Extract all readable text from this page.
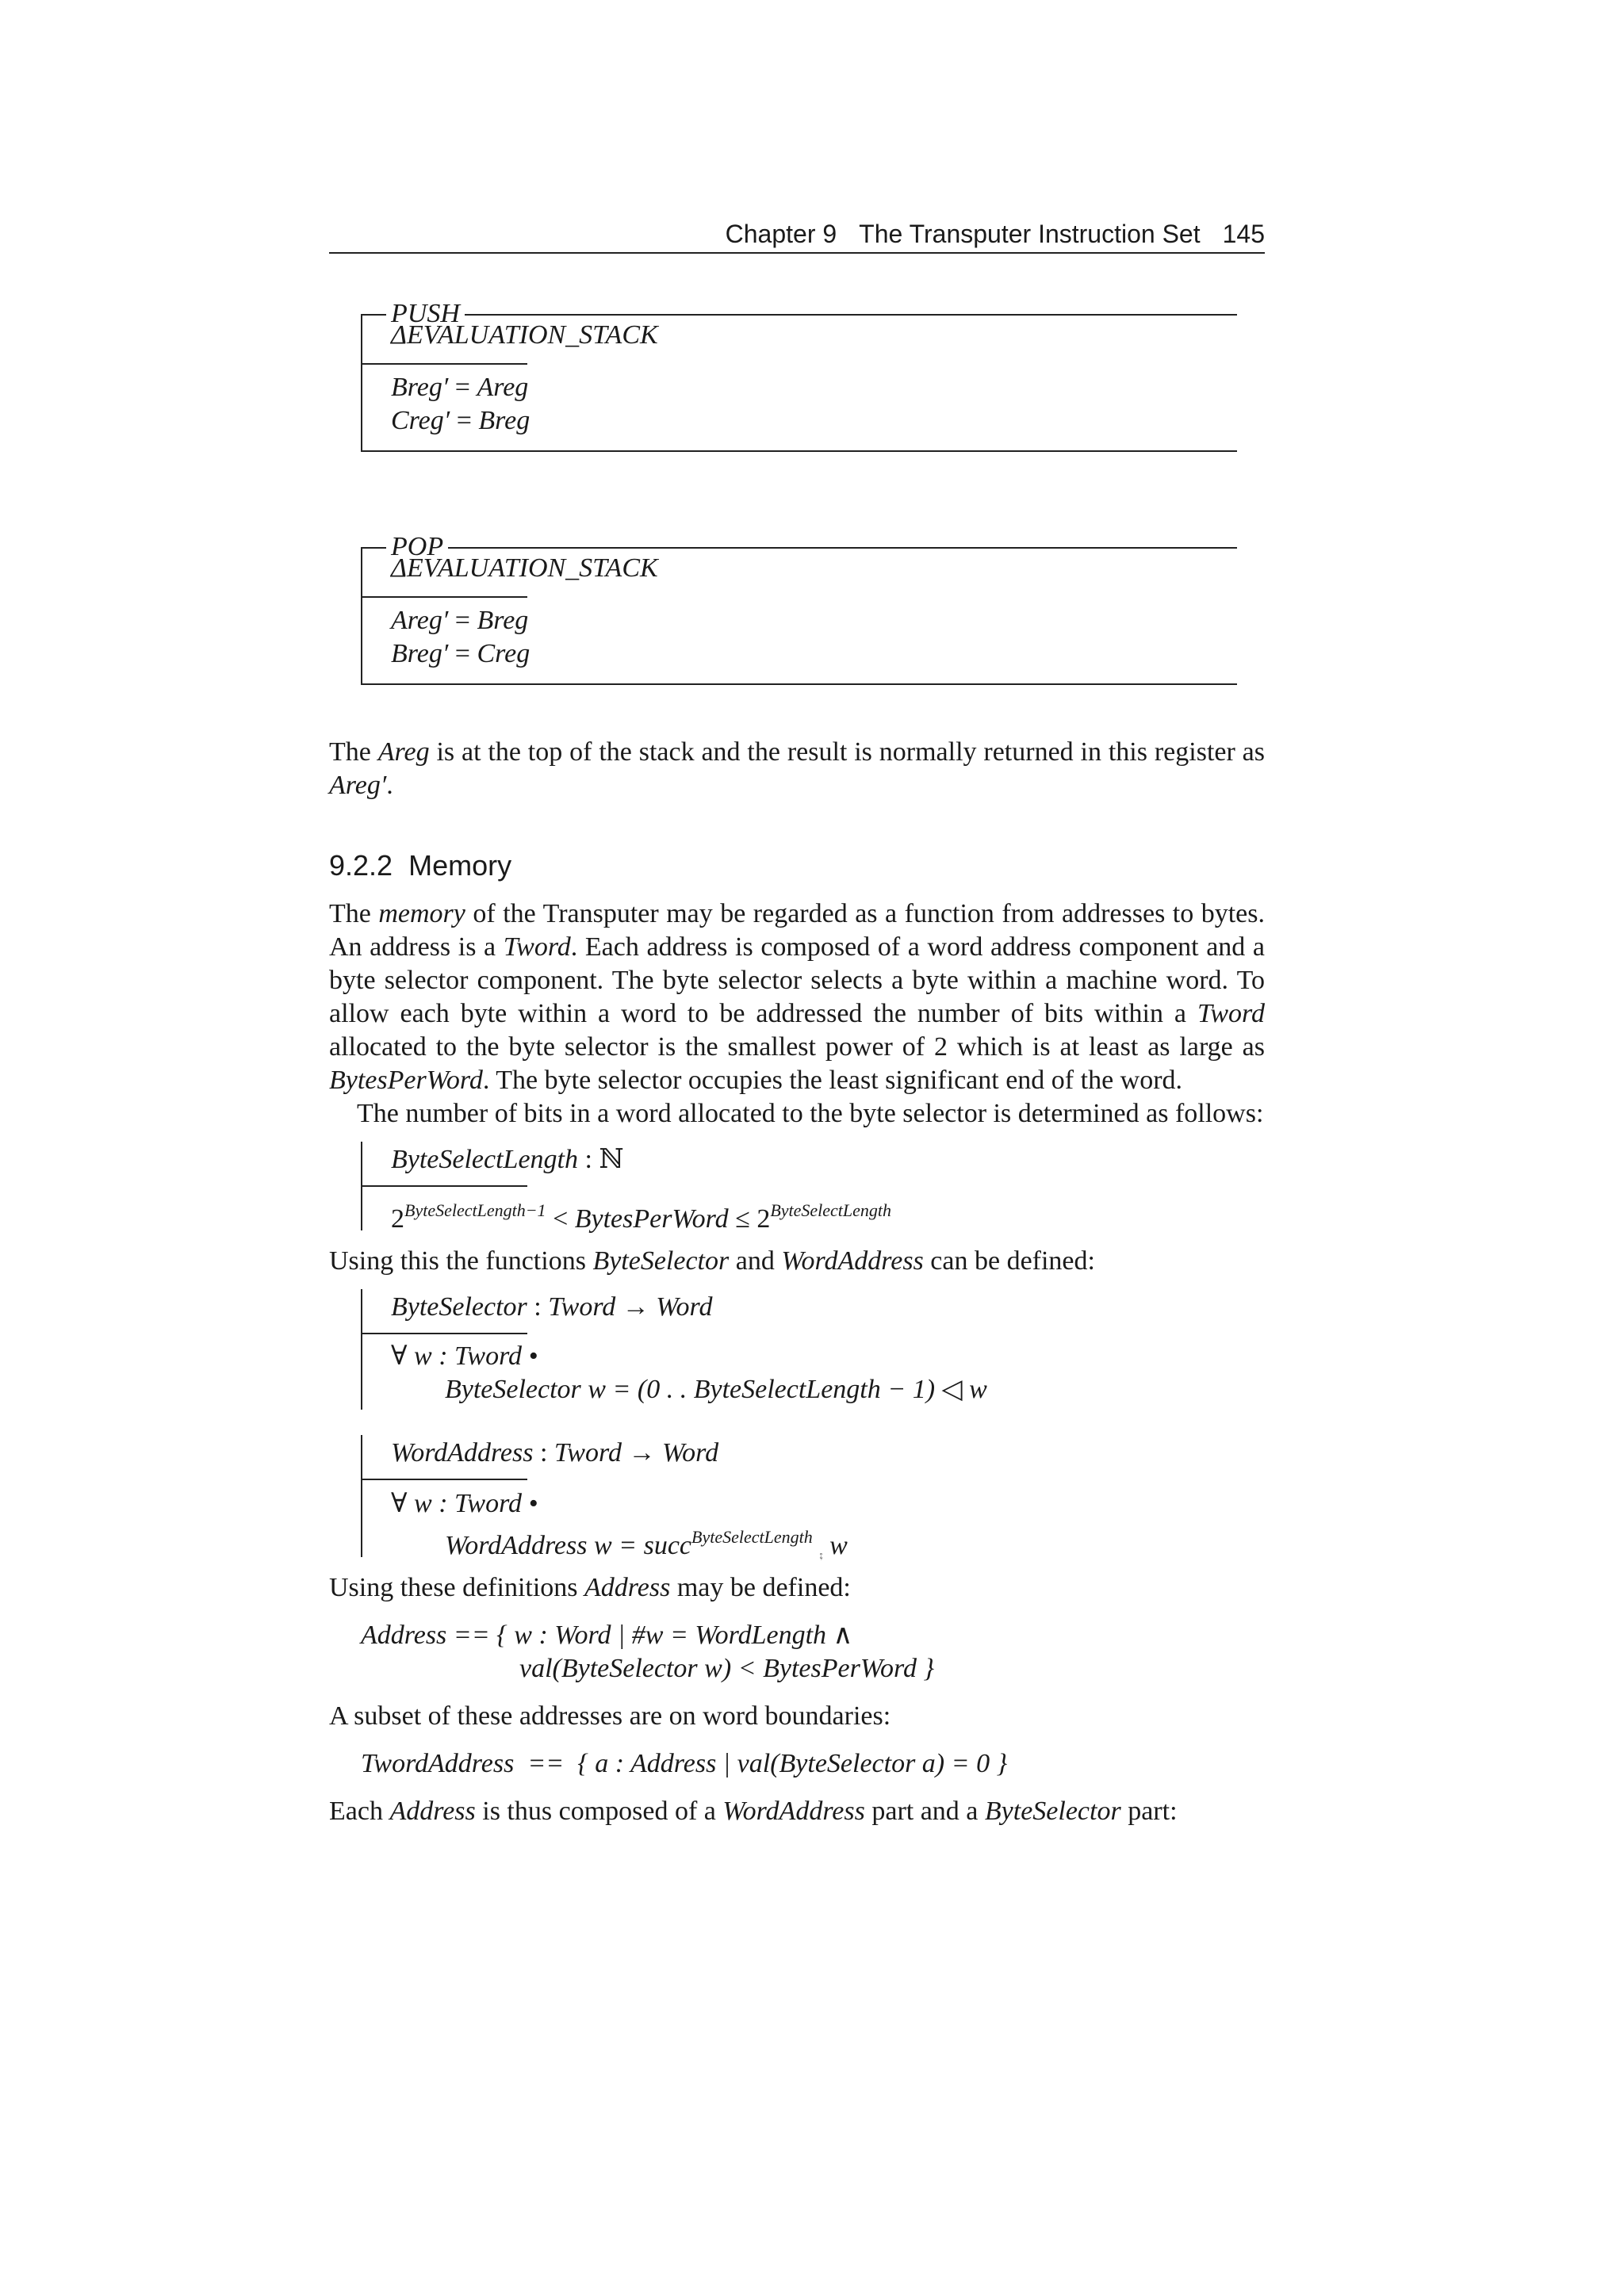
Chapter 9 The Transputer Instruction Set 145
PUSH
ΔEVALUATION_STACK
Breg′ = Areg
Creg′ = Breg
POP
ΔEVALUATION_STACK
Areg′ = Breg
Breg′ = Creg
The Areg is at the top of the stack and the result is normally returned in this register as Areg′.
9.2.2 Memory
The memory of the Transputer may be regarded as a function from addresses to bytes. An address is a Tword. Each address is composed of a word address component and a byte selector component. The byte selector selects a byte within a machine word. To allow each byte within a word to be addressed the number of bits within a Tword allocated to the byte selector is the smallest power of 2 which is at least as large as BytesPerWord. The byte selector occupies the least significant end of the word.
The number of bits in a word allocated to the byte selector is determined as follows:
ByteSelectLength : ℕ
$2^{ByteSelectLength-1}$ < BytesPerWord ≤ $2^{ByteSelectLength}$
Using this the functions ByteSelector and WordAddress can be defined:
ByteSelector : Tword → Word
∀ w : Tword •
ByteSelector w = (0 . . ByteSelectLength − 1) ◁ w
WordAddress : Tword → Word
∀ w : Tword •
WordAddress w = succ$^{ByteSelectLength}$ ⨾ w
Using these definitions Address may be defined:
Address == { w : Word | #w = WordLength ∧
val(ByteSelector w) < BytesPerWord }
A subset of these addresses are on word boundaries:
TwordAddress  ==  { a : Address | val(ByteSelector a) = 0 }
Each Address is thus composed of a WordAddress part and a ByteSelector part:
